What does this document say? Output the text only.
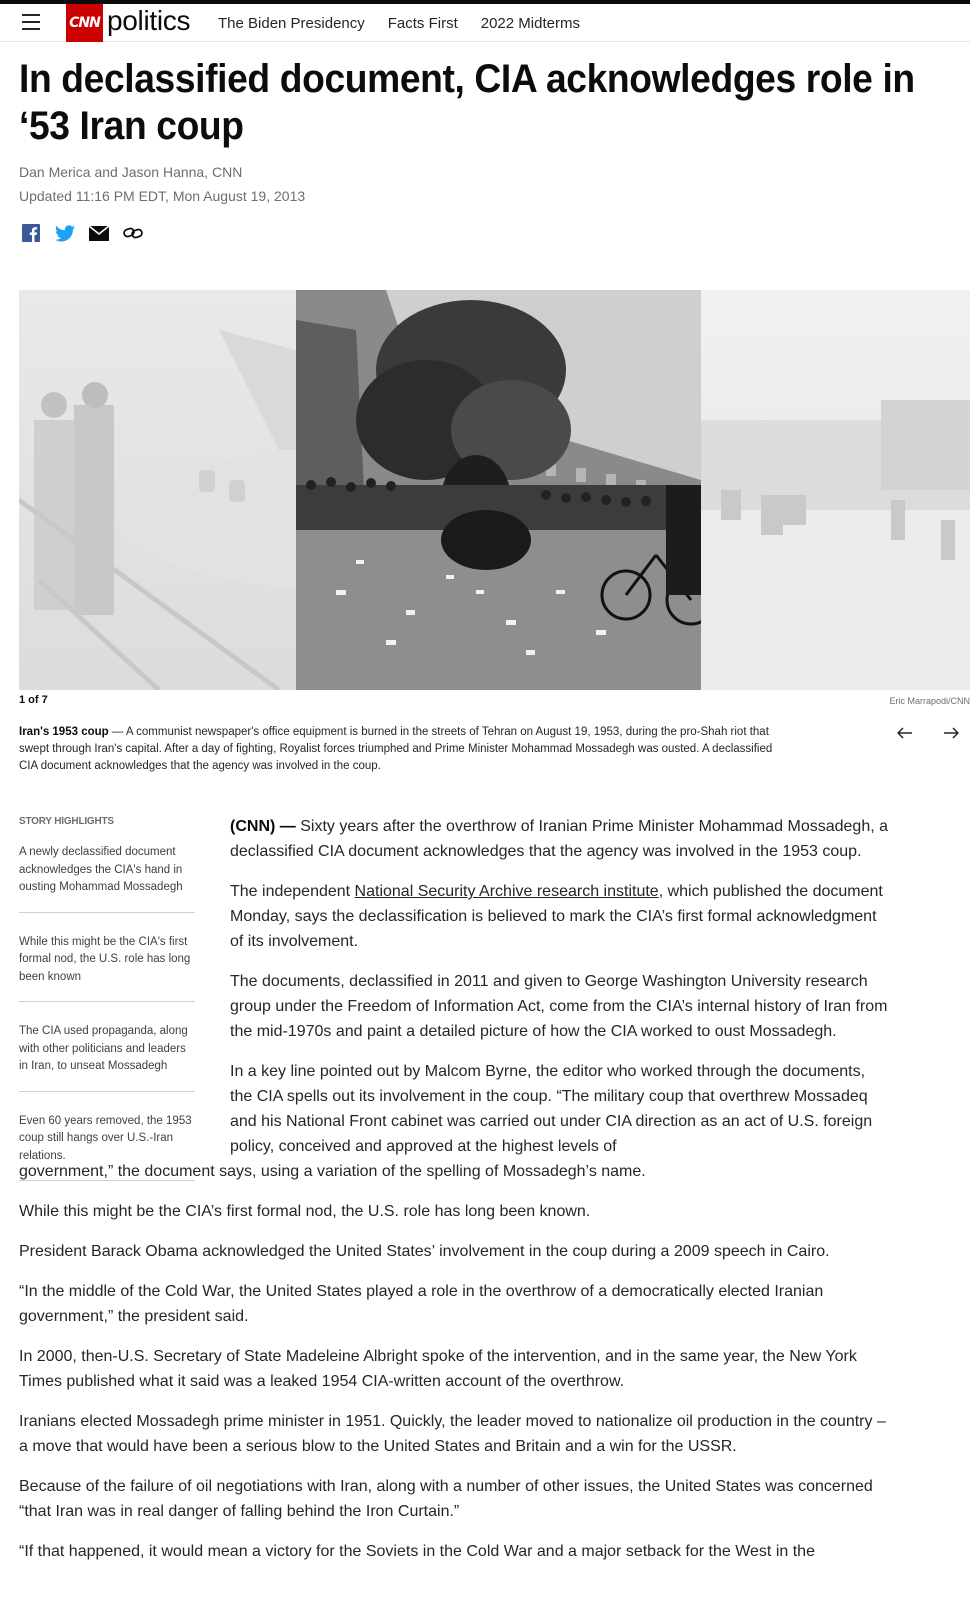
CNN politics The Biden Presidency Facts First 2022 Midterms
In declassified document, CIA acknowledges role in ‘53 Iran coup
Dan Merica and Jason Hanna, CNN
Updated 11:16 PM EDT, Mon August 19, 2013
1 of 7	Eric Marrapodi/CNN
Iran's 1953 coup — A communist newspaper's office equipment is burned in the streets of Tehran on August 19, 1953, during the pro-Shah riot that swept through Iran's capital. After a day of fighting, Royalist forces triumphed and Prime Minister Mohammad Mossadegh was ousted. A declassified CIA document acknowledges that the agency was involved in the coup.
STORY HIGHLIGHTS
A newly declassified document acknowledges the CIA's hand in ousting Mohammad Mossadegh
While this might be the CIA's first formal nod, the U.S. role has long been known
The CIA used propaganda, along with other politicians and leaders in Iran, to unseat Mossadegh
Even 60 years removed, the 1953 coup still hangs over U.S.-Iran relations.

(CNN) — Sixty years after the overthrow of Iranian Prime Minister Mohammad Mossadegh, a declassified CIA document acknowledges that the agency was involved in the 1953 coup.

The independent National Security Archive research institute, which published the document Monday, says the declassification is believed to mark the CIA’s first formal acknowledgment of its involvement.

The documents, declassified in 2011 and given to George Washington University research group under the Freedom of Information Act, come from the CIA’s internal history of Iran from the mid-1970s and paint a detailed picture of how the CIA worked to oust Mossadegh.

In a key line pointed out by Malcom Byrne, the editor who worked through the documents, the CIA spells out its involvement in the coup. “The military coup that overthrew Mossadeq and his National Front cabinet was carried out under CIA direction as an act of U.S. foreign policy, conceived and approved at the highest levels of

government,” the document says, using a variation of the spelling of Mossadegh’s name.

While this might be the CIA’s first formal nod, the U.S. role has long been known.

President Barack Obama acknowledged the United States’ involvement in the coup during a 2009 speech in Cairo.

“In the middle of the Cold War, the United States played a role in the overthrow of a democratically elected Iranian government,” the president said.

In 2000, then-U.S. Secretary of State Madeleine Albright spoke of the intervention, and in the same year, the New York Times published what it said was a leaked 1954 CIA-written account of the overthrow.

Iranians elected Mossadegh prime minister in 1951. Quickly, the leader moved to nationalize oil production in the country – a move that would have been a serious blow to the United States and Britain and a win for the USSR.

Because of the failure of oil negotiations with Iran, along with a number of other issues, the United States was concerned “that Iran was in real danger of falling behind the Iron Curtain.”

“If that happened, it would mean a victory for the Soviets in the Cold War and a major setback for the West in the
